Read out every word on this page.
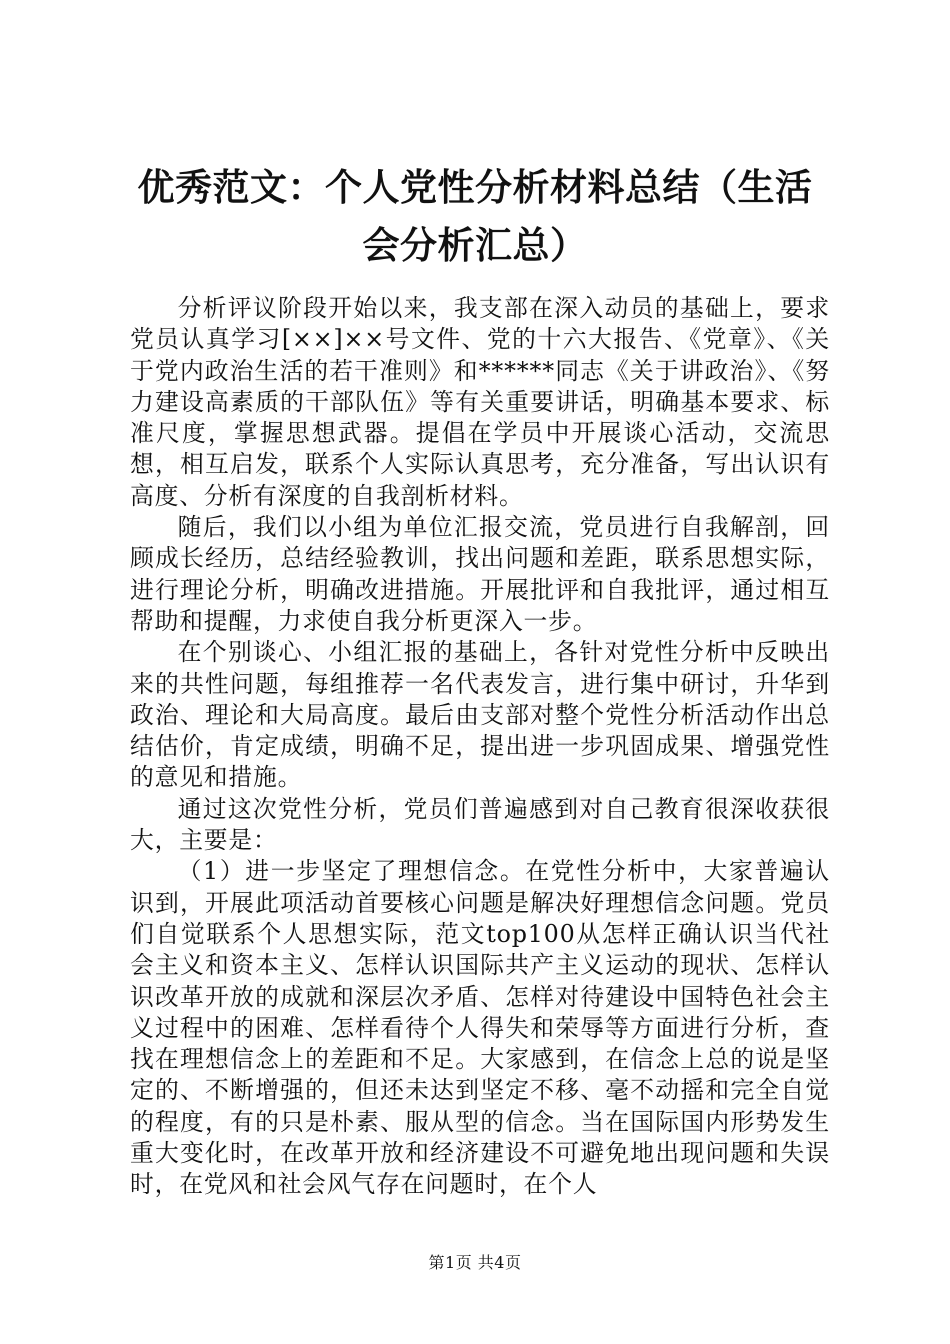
优秀范文：个人党性分析材料总结（生活会分析汇总）

分析评议阶段开始以来，我支部在深入动员的基础上，要求党员认真学习[××]××号文件、党的十六大报告、《党章》、《关于党内政治生活的若干准则》和******同志《关于讲政治》、《努力建设高素质的干部队伍》等有关重要讲话，明确基本要求、标准尺度，掌握思想武器。提倡在学员中开展谈心活动，交流思想，相互启发，联系个人实际认真思考，充分准备，写出认识有高度、分析有深度的自我剖析材料。

随后，我们以小组为单位汇报交流，党员进行自我解剖，回顾成长经历，总结经验教训，找出问题和差距，联系思想实际，进行理论分析，明确改进措施。开展批评和自我批评，通过相互帮助和提醒，力求使自我分析更深入一步。

在个别谈心、小组汇报的基础上，各针对党性分析中反映出来的共性问题，每组推荐一名代表发言，进行集中研讨，升华到政治、理论和大局高度。最后由支部对整个党性分析活动作出总结估价，肯定成绩，明确不足，提出进一步巩固成果、增强党性的意见和措施。

通过这次党性分析，党员们普遍感到对自己教育很深收获很大，主要是：

（1）进一步坚定了理想信念。在党性分析中，大家普遍认识到，开展此项活动首要核心问题是解决好理想信念问题。党员们自觉联系个人思想实际，范文top100从怎样正确认识当代社会主义和资本主义、怎样认识国际共产主义运动的现状、怎样认识改革开放的成就和深层次矛盾、怎样对待建设中国特色社会主义过程中的困难、怎样看待个人得失和荣辱等方面进行分析，查找在理想信念上的差距和不足。大家感到，在信念上总的说是坚定的、不断增强的，但还未达到坚定不移、毫不动摇和完全自觉的程度，有的只是朴素、服从型的信念。当在国际国内形势发生重大变化时，在改革开放和经济建设不可避免地出现问题和失误时，在党风和社会风气存在问题时，在个人

第1页 共4页
